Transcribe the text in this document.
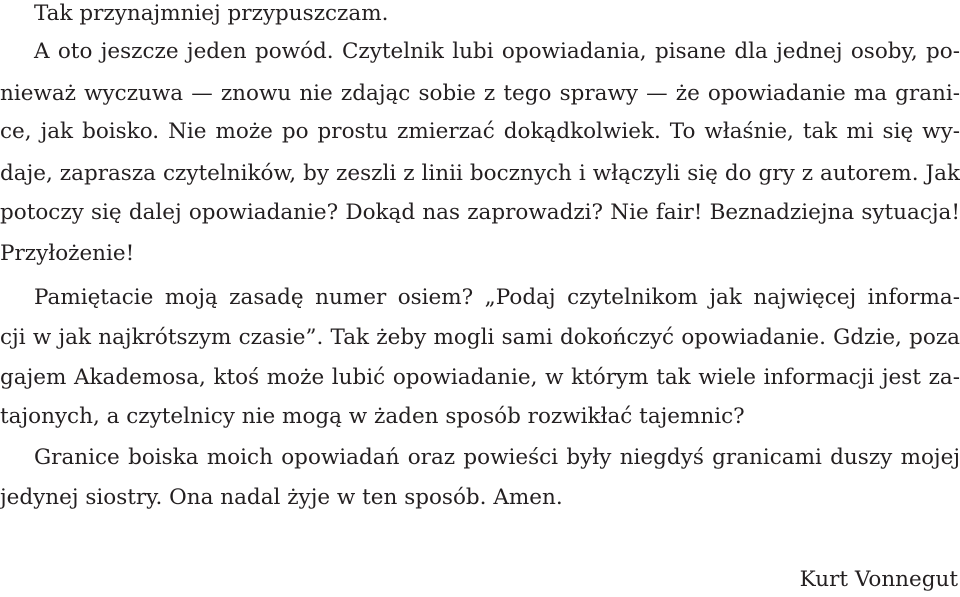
Tak przynajmniej przypuszczam.
A oto jeszcze jeden powód. Czytelnik lubi opowiadania, pisane dla jednej osoby, po-
nieważ wyczuwa — znowu nie zdając sobie z tego sprawy — że opowiadanie ma grani-
ce, jak boisko. Nie może po prostu zmierzać dokądkolwiek. To właśnie, tak mi się wy-
daje, zaprasza czytelników, by zeszli z linii bocznych i włączyli się do gry z autorem. Jak
potoczy się dalej opowiadanie? Dokąd nas zaprowadzi? Nie fair! Beznadziejna sytuacja!
Przyłożenie!
Pamiętacie moją zasadę numer osiem? „Podaj czytelnikom jak najwięcej informa-
cji w jak najkrótszym czasie”. Tak żeby mogli sami dokończyć opowiadanie. Gdzie, poza
gajem Akademosa, ktoś może lubić opowiadanie, w którym tak wiele informacji jest za-
tajonych, a czytelnicy nie mogą w żaden sposób rozwikłać tajemnic?
Granice boiska moich opowiadań oraz powieści były niegdyś granicami duszy mojej
jedynej siostry. Ona nadal żyje w ten sposób. Amen.
Kurt Vonnegut
